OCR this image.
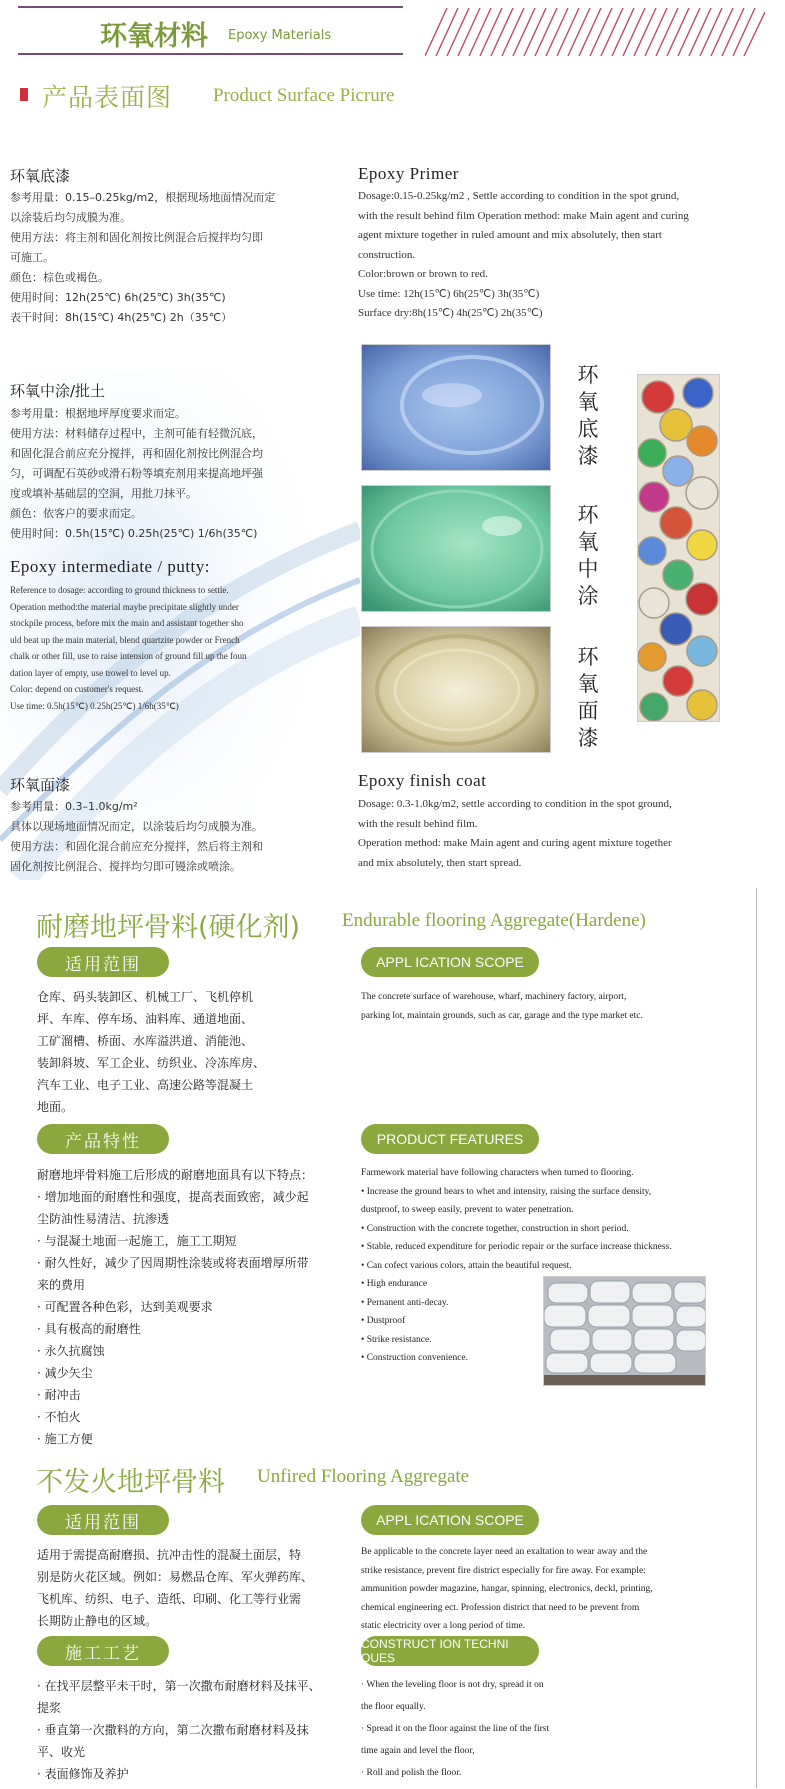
环氧材料 Epoxy Materials
产品表面图 Product Surface Picrure
环氧底漆
参考用量：0.15–0.25kg/m2，根据现场地面情况而定
以涂装后均匀成膜为准。
使用方法：将主剂和固化剂按比例混合后搅拌均匀即
可施工。
颜色：棕色或褐色。
使用时间：12h(25℃) 6h(25℃) 3h(35℃)
表干时间：8h(15℃) 4h(25℃) 2h（35℃）
Epoxy Primer
Dosage:0.15-0.25kg/m2 , Settle according to condition in the spot grund,
with the result behind film Operation method: make Main agent and curing
agent mixture together in ruled amount and mix absolutely, then start
construction.
Color:brown or brown to red.
Use time: 12h(15℃) 6h(25℃) 3h(35℃)
Surface dry:8h(15℃) 4h(25℃) 2h(35℃)
环氧中涂/批土
参考用量：根据地坪厚度要求而定。
使用方法：材料储存过程中，主剂可能有轻微沉底，
和固化混合前应充分搅拌，再和固化剂按比例混合均
匀，可调配石英砂或滑石粉等填充剂用来提高地坪强
度或填补基础层的空洞，用批刀抹平。
颜色：依客户的要求而定。
使用时间：0.5h(15℃) 0.25h(25℃) 1/6h(35℃)
Epoxy intermediate / putty:
Reference to dosage: according to ground thickness to settle.
Operation method:the material maybe precipitate slightly under
stockpile process, before mix the main and assistant together sho
uld beat up the main material, blend quartzite powder or French
chalk or other fill, use to raise intension of ground fill up the foun
dation layer of empty, use trowel to level up.
Color: depend on customer's request.
Use time: 0.5h(15℃) 0.25h(25℃) 1/6h(35℃)
环氧底漆
环氧中涂
环氧面漆
环氧面漆
参考用量：0.3–1.0kg/m²
具体以现场地面情况而定，以涂装后均匀成膜为准。
使用方法：和固化混合前应充分搅拌，然后将主剂和
固化剂按比例混合、搅拌均匀即可镘涂或喷涂。
Epoxy finish coat
Dosage: 0.3-1.0kg/m2, settle according to condition in the spot ground,
with the result behind film.
Operation method: make Main agent and curing agent mixture together
and mix absolutely, then start spread.
耐磨地坪骨料(硬化剂) Endurable flooring Aggregate(Hardene)
适用范围	APPL ICATION SCOPE
仓库、码头装卸区、机械工厂、飞机停机
坪、车库、停车场、油料库、通道地面、
工矿溜槽、桥面、水库溢洪道、消能池、
装卸斜坡、军工企业、纺织业、冷冻库房、
汽车工业、电子工业、高速公路等混凝土
地面。
The concrete surface of warehouse, wharf, machinery factory, airport,
parking lot, maintain grounds, such as car, garage and the type market etc.
产品特性	PRODUCT FEATURES
耐磨地坪骨料施工后形成的耐磨地面具有以下特点：
· 增加地面的耐磨性和强度，提高表面致密，减少起
尘防油性易清洁、抗渗透
· 与混凝土地面一起施工，施工工期短
· 耐久性好，减少了因周期性涂装或将表面增厚所带
来的费用
· 可配置各种色彩，达到美观要求
· 具有极高的耐磨性
· 永久抗腐蚀
· 减少矢尘
· 耐冲击
· 不怕火
· 施工方便
Farmework material have following characters when turned to flooring.
• Increase the ground bears to whet and intensity, raising the surface density,
dustproof, to sweep easily, prevent to water penetration.
• Construction with the concrete together, construction in short period.
• Stable, reduced expenditure for periodic repair or the surface increase thickness.
• Can cofect various colors, attain the beautiful request.
• High endurance
• Pernanent anti-decay.
• Dustproof
• Strike resistance.
• Construction convenience.
不发火地坪骨料 Unfired Flooring Aggregate
适用范围	APPL ICATION SCOPE
适用于需提高耐磨损、抗冲击性的混凝土面层，特
别是防火花区域。例如：易燃品仓库、军火弹药库、
飞机库、纺织、电子、造纸、印刷、化工等行业需
长期防止静电的区域。
Be applicable to the concrete layer need an exaltation to wear away and the
strike resistance, prevent fire district especially for fire away. For example:
ammunition powder magazine, hangar, spinning, electronics, deckl, printing,
chemical engineering ect. Profession district that need to be prevent from
static electricity over a long period of time.
施工工艺	CONSTRUCT ION TECHNI QUES
· 在找平层整平未干时，第一次撒布耐磨材料及抹平、
提浆
· 垂直第一次撒料的方向，第二次撒布耐磨材料及抹
平、收光
· 表面修饰及养护
· When the leveling floor is not dry, spread it on
the floor equally.
· Spread it on the floor against the line of the first
time again and level the floor,
· Roll and polish the floor.
